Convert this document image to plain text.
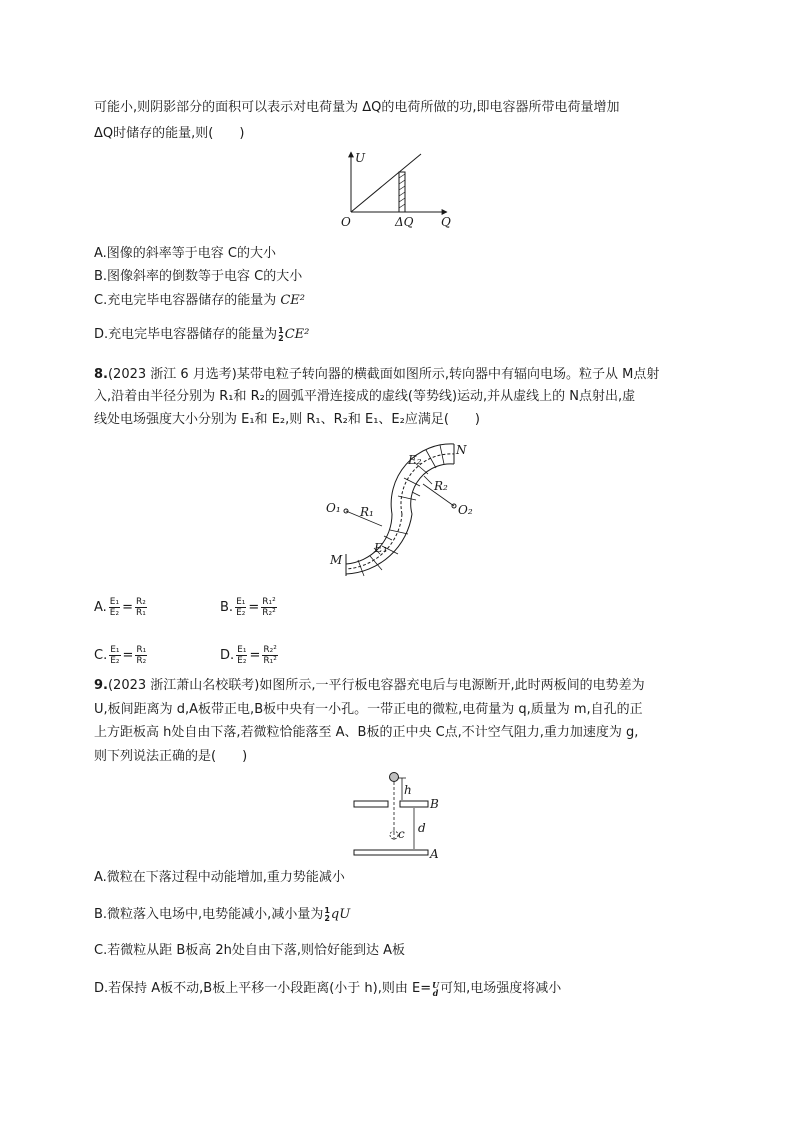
可能小,则阴影部分的面积可以表示对电荷量为 ΔQ的电荷所做的功,即电容器所带电荷量增加
ΔQ时储存的能量,则(　　)
U
O	ΔQ Q
A.图像的斜率等于电容 C的大小
B.图像斜率的倒数等于电容 C的大小
C.充电完毕电容器储存的能量为 CE²
D.充电完毕电容器储存的能量为 1
2 CE²
8.(2023 浙江 6 月选考)某带电粒子转向器的横截面如图所示,转向器中有辐向电场。粒子从 M点射
入,沿着由半径分别为 R₁和 R₂的圆弧平滑连接成的虚线(等势线)运动,并从虚线上的 N点射出,虚
线处电场强度大小分别为 E₁和 E₂,则 R₁、R₂和 E₁、E₂应满足(　　)
N
E₂
R₂
O₂
O₁ R₁
E₁
M
A. $\frac{\text{E₁}}{\text{E₂}} = \frac{\text{R₂}}{\text{R₁}}$	B. $\frac{\text{E₁}}{\text{E₂}} = \frac{\text{R₁²}}{\text{R₂²}}$
C. $\frac{\text{E₁}}{\text{E₂}} = \frac{\text{R₁}}{\text{R₂}}$	D. $\frac{\text{E₁}}{\text{E₂}} = \frac{\text{R₂²}}{\text{R₁²}}$
9.(2023 浙江萧山名校联考)如图所示,一平行板电容器充电后与电源断开,此时两板间的电势差为
U,板间距离为 d,A板带正电,B板中央有一小孔。一带正电的微粒,电荷量为 q,质量为 m,自孔的正
上方距板高 h处自由下落,若微粒恰能落至 A、B板的正中央 C点,不计空气阻力,重力加速度为 g,
则下列说法正确的是(　　)
h
B
c d
A
A.微粒在下落过程中动能增加,重力势能减小
B.微粒落入电场中,电势能减小,减小量为 1
2 qU
C.若微粒从距 B板高 2h处自由下落,则恰好能到达 A板
D.若保持 A板不动,B板上平移一小段距离(小于 h),则由 E= U
d 可知,电场强度将减小
